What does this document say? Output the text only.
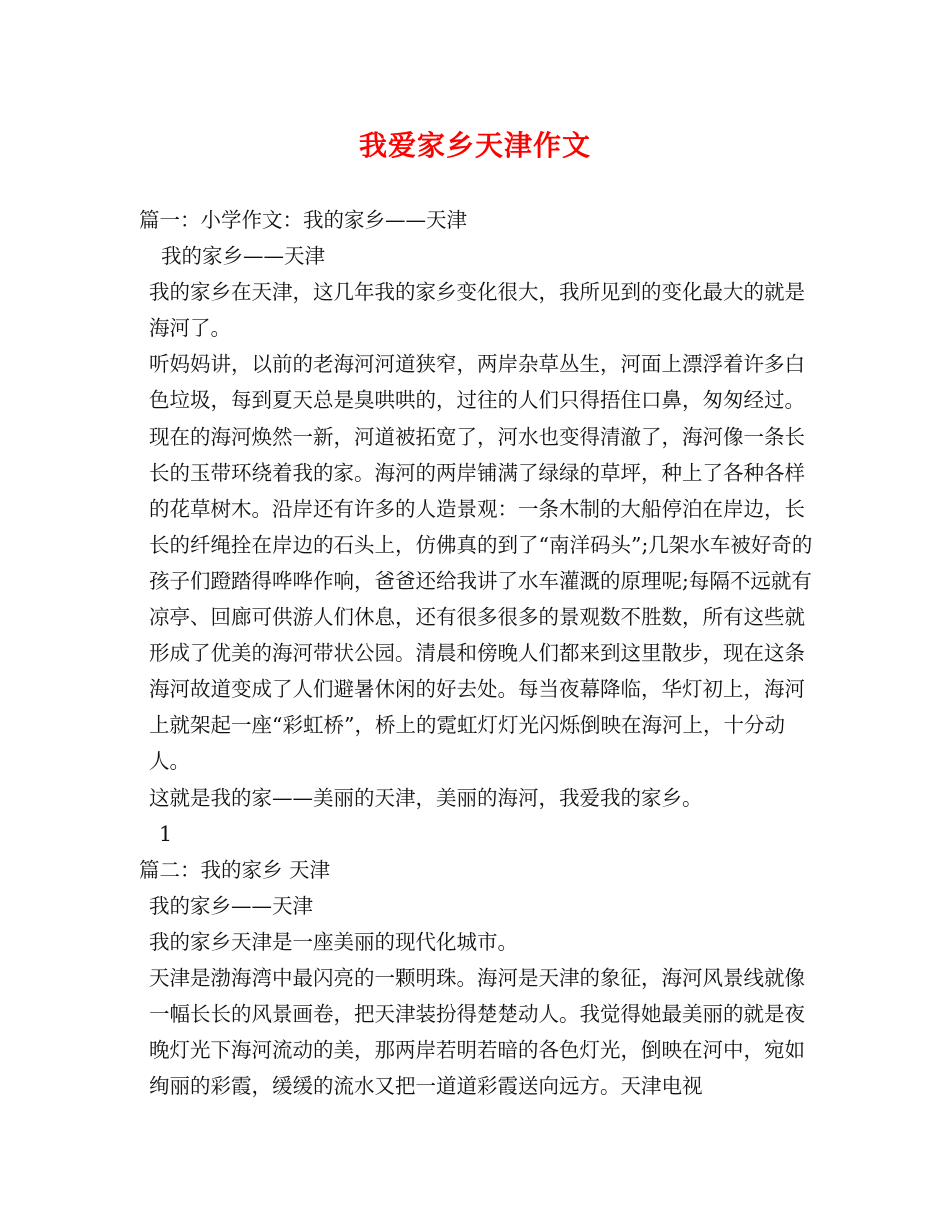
我爱家乡天津作文
篇一：小学作文：我的家乡——天津
我的家乡——天津
我的家乡在天津，这几年我的家乡变化很大，我所见到的变化最大的就是海河了。
听妈妈讲，以前的老海河河道狭窄，两岸杂草丛生，河面上漂浮着许多白色垃圾，每到夏天总是臭哄哄的，过往的人们只得捂住口鼻，匆匆经过。现在的海河焕然一新，河道被拓宽了，河水也变得清澈了，海河像一条长长的玉带环绕着我的家。海河的两岸铺满了绿绿的草坪，种上了各种各样的花草树木。沿岸还有许多的人造景观：一条木制的大船停泊在岸边，长长的纤绳拴在岸边的石头上，仿佛真的到了“南洋码头”;几架水车被好奇的孩子们蹬踏得哗哗作响，爸爸还给我讲了水车灌溉的原理呢;每隔不远就有凉亭、回廊可供游人们休息，还有很多很多的景观数不胜数，所有这些就形成了优美的海河带状公园。清晨和傍晚人们都来到这里散步，现在这条海河故道变成了人们避暑休闲的好去处。每当夜幕降临，华灯初上，海河上就架起一座“彩虹桥”，桥上的霓虹灯灯光闪烁倒映在海河上，十分动人。
这就是我的家——美丽的天津，美丽的海河，我爱我的家乡。
1
篇二：我的家乡 天津
我的家乡——天津
我的家乡天津是一座美丽的现代化城市。
天津是渤海湾中最闪亮的一颗明珠。海河是天津的象征，海河风景线就像一幅长长的风景画卷，把天津装扮得楚楚动人。我觉得她最美丽的就是夜晚灯光下海河流动的美，那两岸若明若暗的各色灯光，倒映在河中，宛如绚丽的彩霞，缓缓的流水又把一道道彩霞送向远方。天津电视
